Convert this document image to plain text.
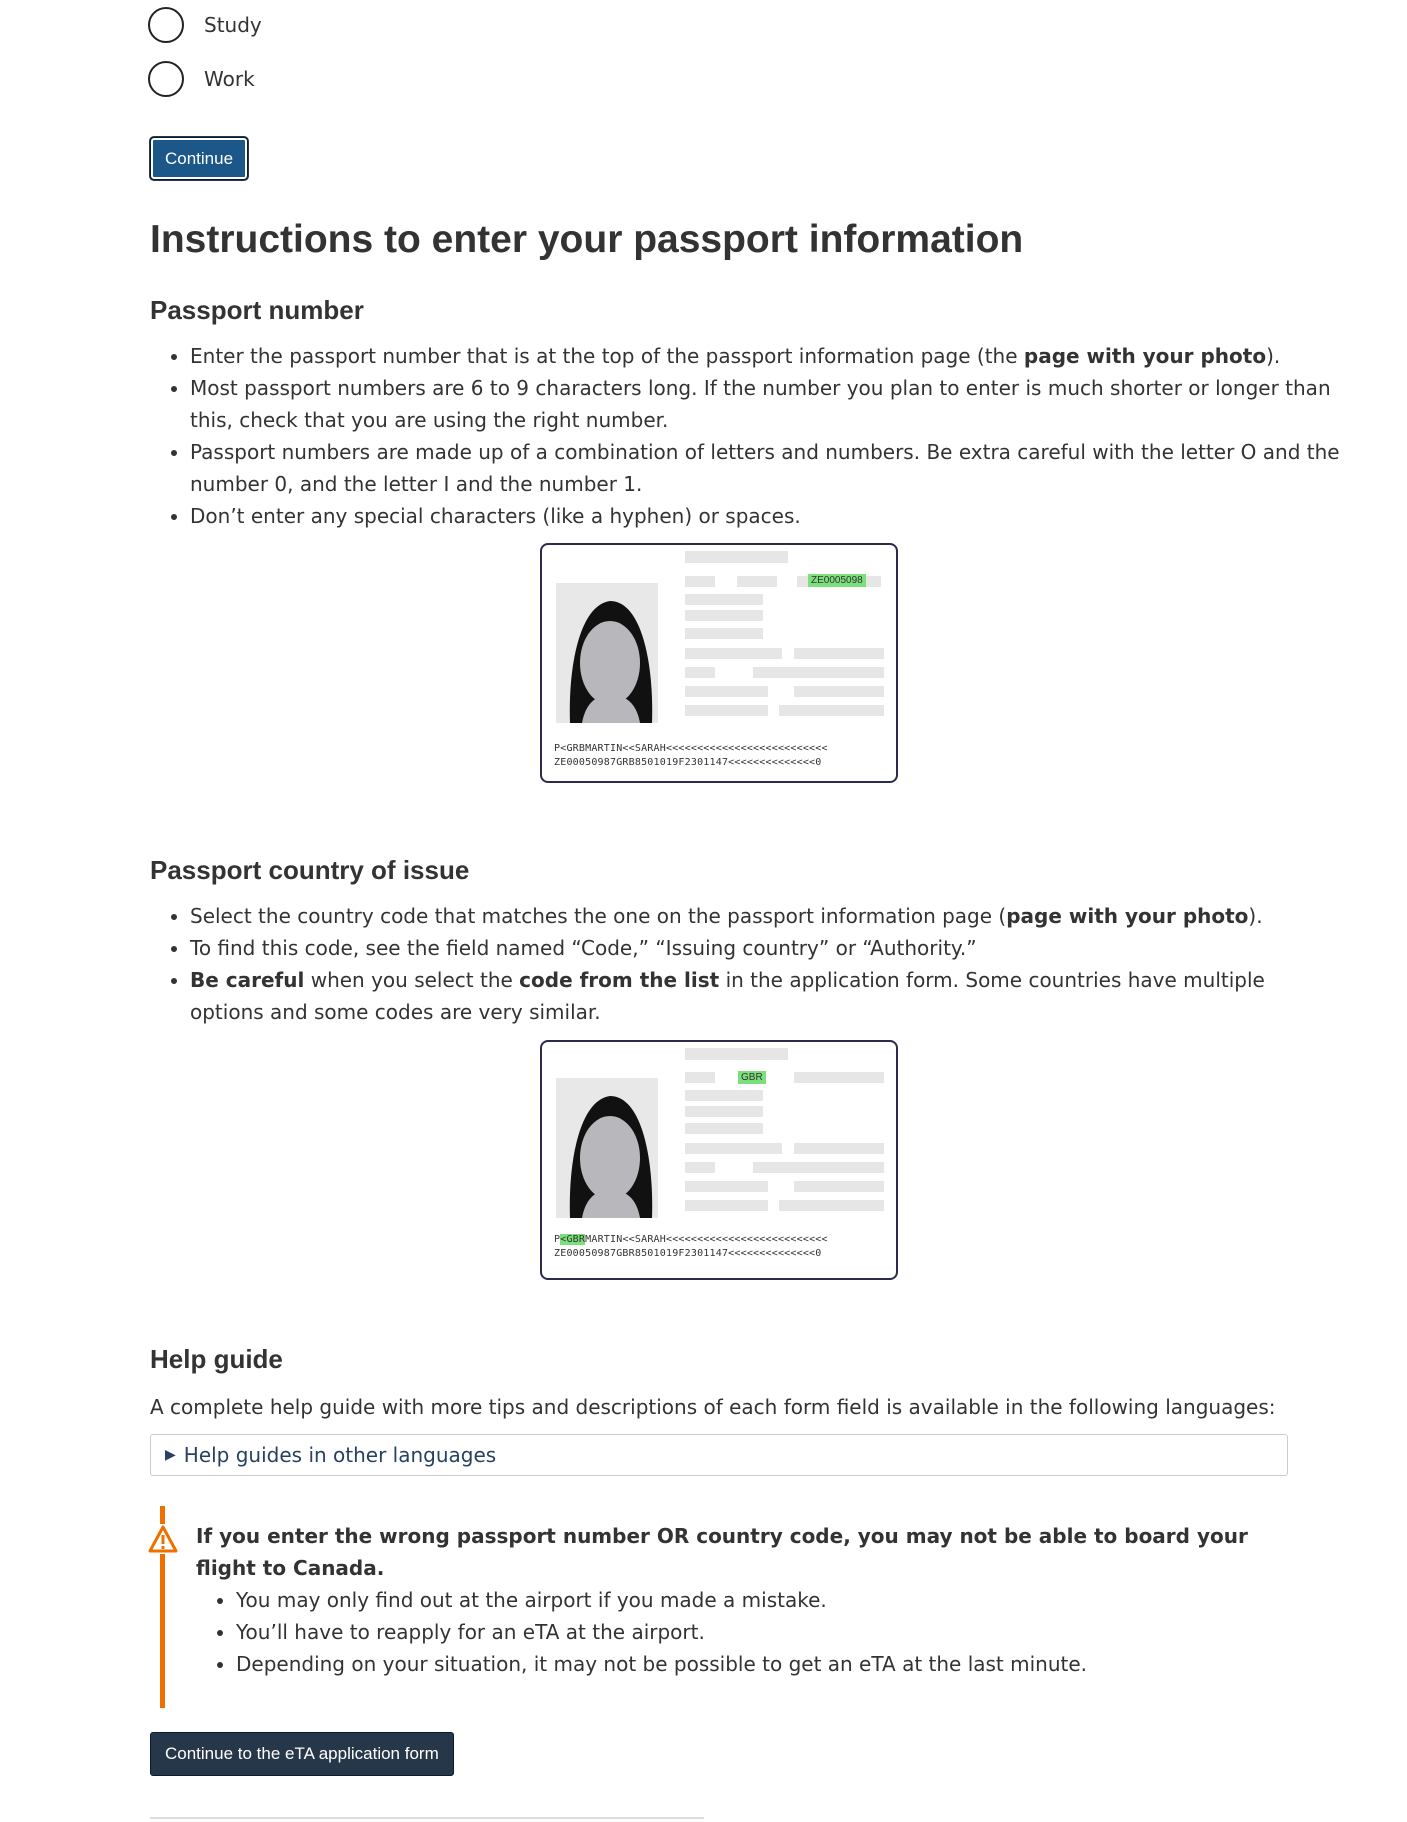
Study
Work
Continue
Instructions to enter your passport information
Passport number
• Enter the passport number that is at the top of the passport information page (the page with your photo).
• Most passport numbers are 6 to 9 characters long. If the number you plan to enter is much shorter or longer than this, check that you are using the right number.
• Passport numbers are made up of a combination of letters and numbers. Be extra careful with the letter O and the number 0, and the letter I and the number 1.
• Don’t enter any special characters (like a hyphen) or spaces.
ZE0005098
P<GRBMARTIN<<SARAH<<<<<<<<<<<<<<<<<<<<<<<<<<
ZE00050987GRB8501019F2301147<<<<<<<<<<<<<<0
Passport country of issue
• Select the country code that matches the one on the passport information page (page with your photo).
• To find this code, see the field named “Code,” “Issuing country” or “Authority.”
• Be careful when you select the code from the list in the application form. Some countries have multiple options and some codes are very similar.
GBR
P<GBRMARTIN<<SARAH<<<<<<<<<<<<<<<<<<<<<<<<<<
ZE00050987GBR8501019F2301147<<<<<<<<<<<<<<0
Help guide

A complete help guide with more tips and descriptions of each form field is available in the following languages:

▶ Help guides in other languages

If you enter the wrong passport number OR country code, you may not be able to board your flight to Canada.

• You may only find out at the airport if you made a mistake.
• You’ll have to reapply for an eTA at the airport.
• Depending on your situation, it may not be possible to get an eTA at the last minute.
Continue to the eTA application form
